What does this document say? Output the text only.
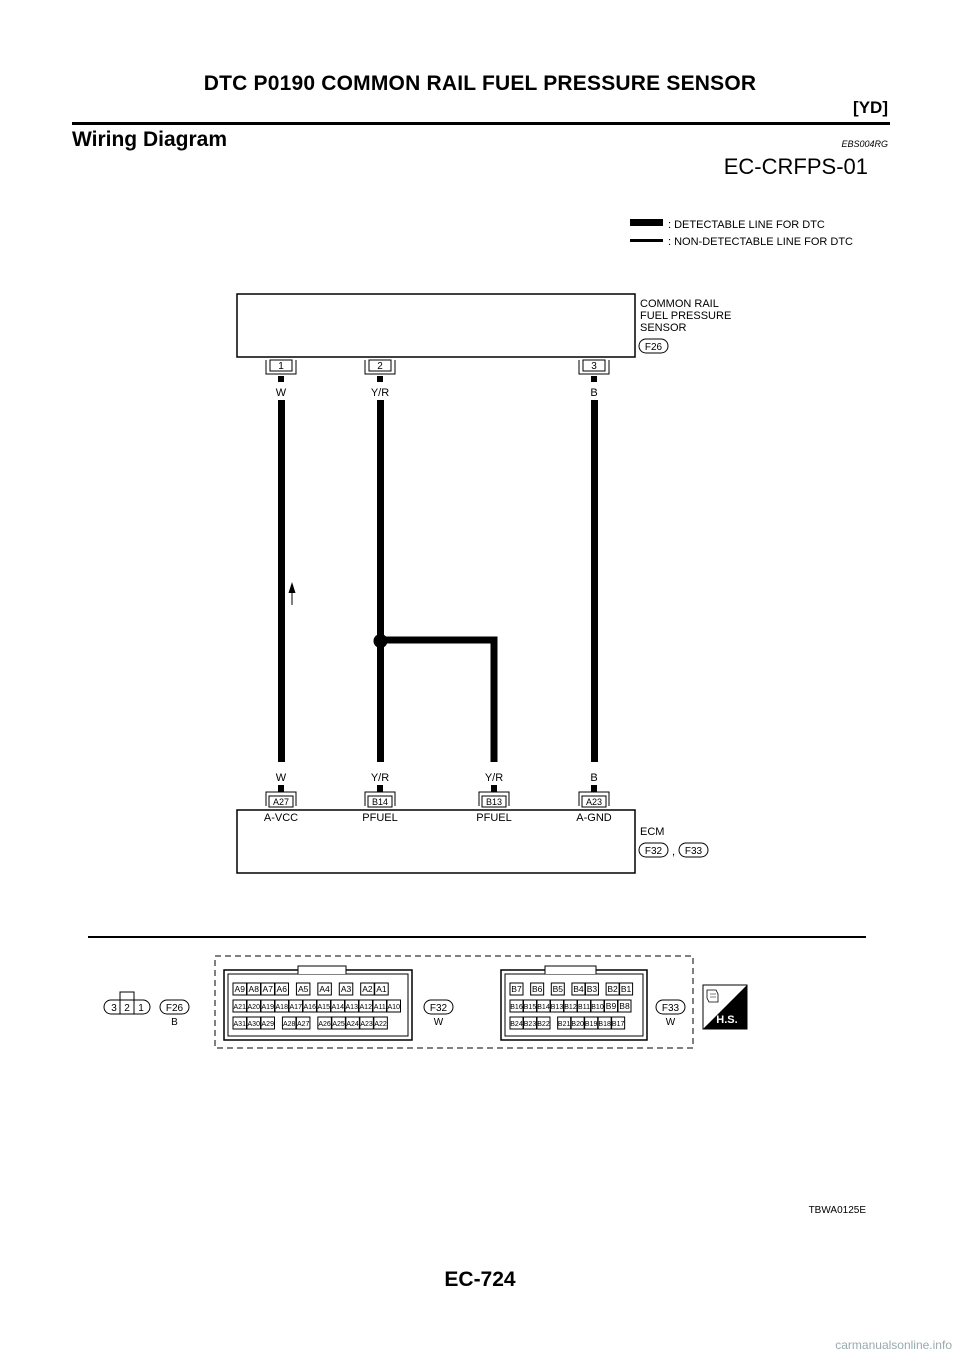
DTC P0190 COMMON RAIL FUEL PRESSURE SENSOR
[YD]
Wiring Diagram	EBS004RG
EC-CRFPS-01
: DETECTABLE LINE FOR DTC
: NON-DETECTABLE LINE FOR DTC
COMMON RAIL
FUEL PRESSURE
SENSOR
F26
1
W
2
Y/R
3
B
W
A27
A-VCC
Y/R
B14
PFUEL
Y/R
B13
PFUEL
B
A23
A-GND
ECM
F32 , F33
3 2 1 F26
B
A9 A8 A7 A6 A5 A4 A3 A2 A1
A21 A20 A19 A18 A17 A16 A15 A14 A13 A12 A11 A10
A31 A30 A29 A28 A27 A26 A25 A24 A23 A22
F32
W
B7 B6 B5 B4 B3 B2 B1
B16 B15 B14 B13 B12 B11 B10 B9 B8
B24 B23 B22 B21 B20 B19 B18 B17
F33
W	H.S.
TBWA0125E
EC-724
carmanualsonline.info
